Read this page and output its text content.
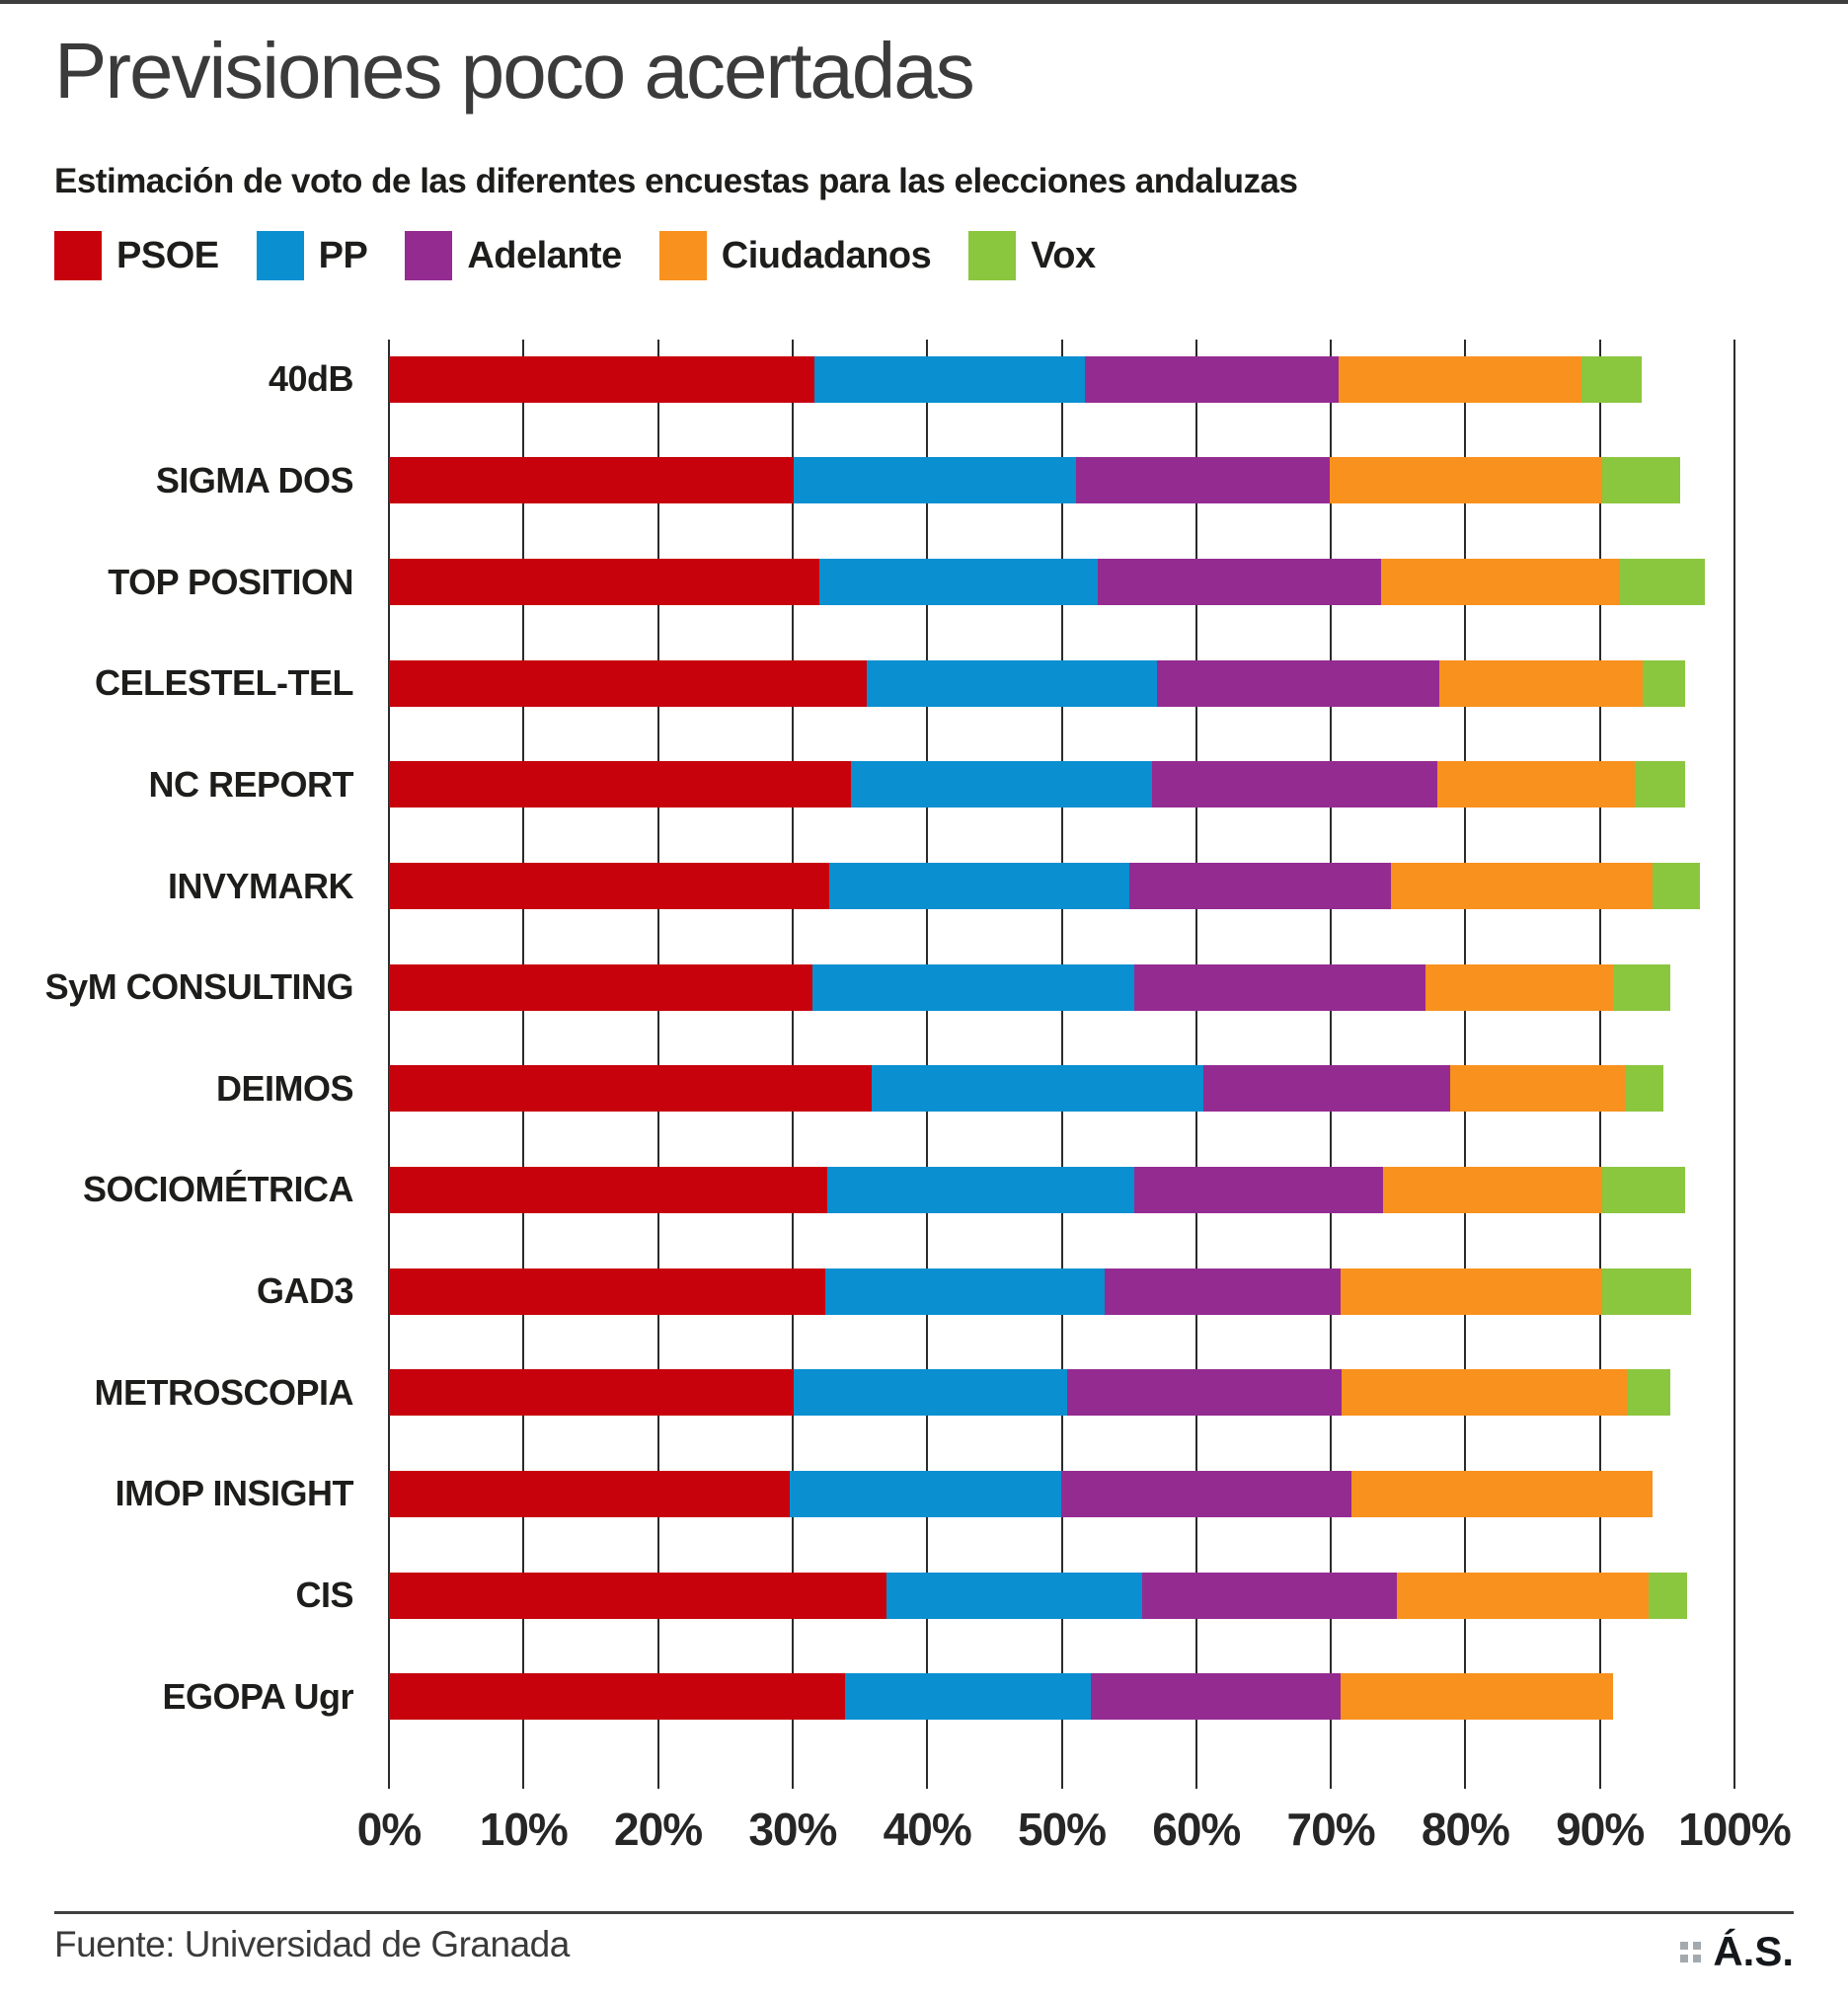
Previsiones poco acertadas

Estimación de voto de las diferentes encuestas para las elecciones andaluzas

PSOE	PP	Adelante	Ciudadanos	Vox
40dB
SIGMA DOS
TOP POSITION
CELESTEL-TEL
NC REPORT
INVYMARK
SyM CONSULTING
DEIMOS
SOCIOMÉTRICA
GAD3
METROSCOPIA
IMOP INSIGHT
CIS
EGOPA Ugr
0% 10% 20% 30% 40% 50% 60% 70% 80% 90% 100%
Fuente: Universidad de Granada	Á.S.
